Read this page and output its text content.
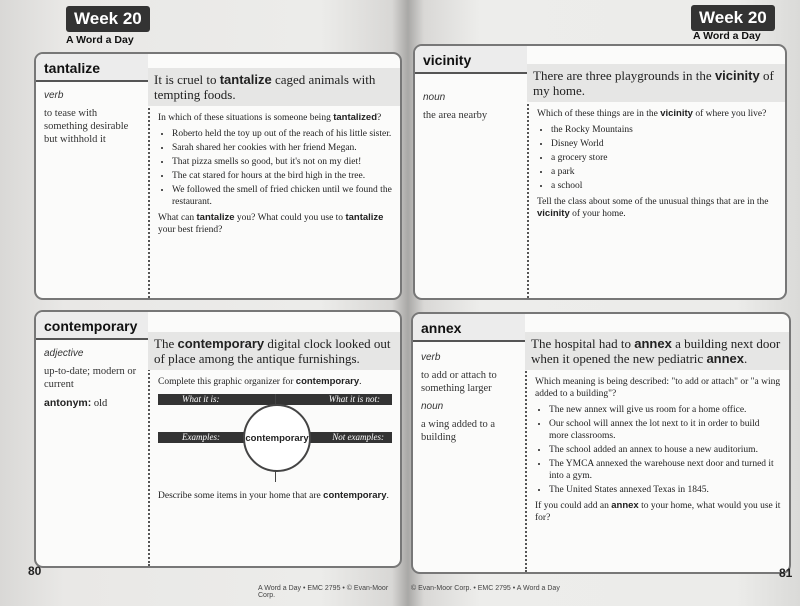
Week 20
A Word a Day
tantalize
verb
to tease with something desirable but withhold it
It is cruel to tantalize caged animals with tempting foods.
In which of these situations is someone being tantalized?
• Roberto held the toy up out of the reach of his little sister.
• Sarah shared her cookies with her friend Megan.
• That pizza smells so good, but it's not on my diet!
• The cat stared for hours at the bird high in the tree.
• We followed the smell of fried chicken until we found the restaurant.
What can tantalize you? What could you use to tantalize your best friend?
contemporary
adjective
up-to-date; modern or current
antonym: old
The contemporary digital clock looked out of place among the antique furnishings.
Complete this graphic organizer for contemporary.
What it is:	What it is not:
Examples:	Not examples:
contemporary
Describe some items in your home that are contemporary.
80
A Word a Day • EMC 2795 • © Evan-Moor Corp.
Week 20
A Word a Day
vicinity
noun
the area nearby
There are three playgrounds in the vicinity of my home.
Which of these things are in the vicinity of where you live?
• the Rocky Mountains
• Disney World
• a grocery store
• a park
• a school
Tell the class about some of the unusual things that are in the vicinity of your home.
annex
verb
to add or attach to something larger
noun
a wing added to a building
The hospital had to annex a building next door when it opened the new pediatric annex.
Which meaning is being described: "to add or attach" or "a wing added to a building"?
• The new annex will give us room for a home office.
• Our school will annex the lot next to it in order to build more classrooms.
• The school added an annex to house a new auditorium.
• The YMCA annexed the warehouse next door and turned it into a gym.
• The United States annexed Texas in 1845.
If you could add an annex to your home, what would you use it for?
81
© Evan-Moor Corp. • EMC 2795 • A Word a Day
